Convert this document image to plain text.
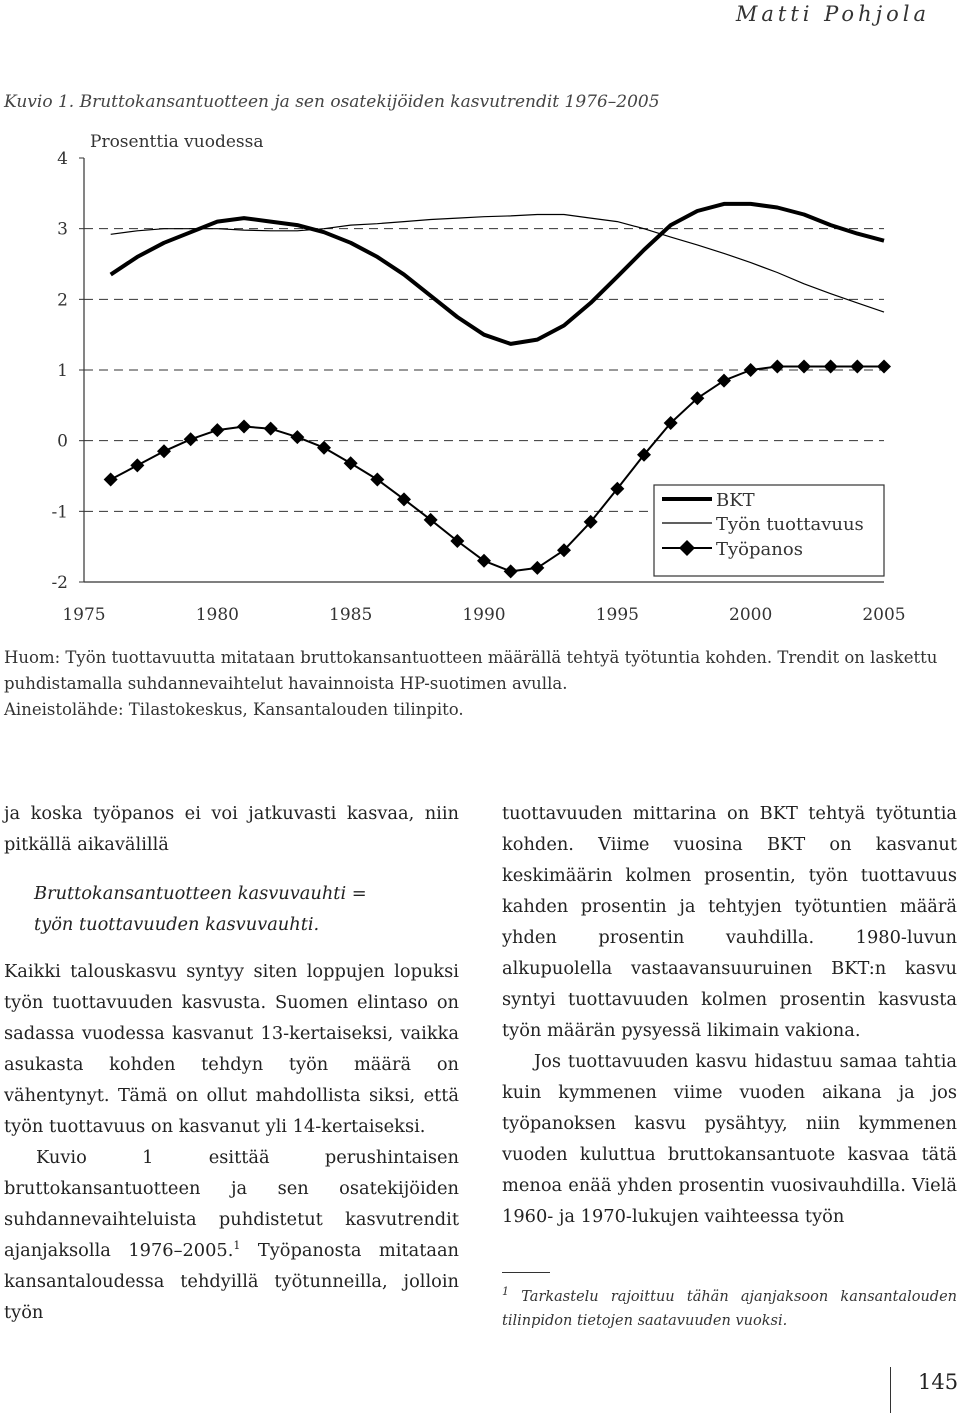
Matti Pohjola
Kuvio 1. Bruttokansantuotteen ja sen osatekijöiden kasvutrendit 1976–2005
4
3
2
1
0
-1
-2
1975	1980	1985	1990	1995	2000	2005
Prosenttia vuodessa
BKT
Työn tuottavuus
Työpanos

Huom: Työn tuottavuutta mitataan bruttokansantuotteen määrällä tehtyä työtuntia kohden. Trendit on laskettu puhdistamalla suhdannevaihtelut havainnoista HP-suotimen avulla.

Aineistolähde: Tilastokeskus, Kansantalouden tilinpito.

ja koska työpanos ei voi jatkuvasti kasvaa, niin pitkällä aikavälillä

Bruttokansantuotteen kasvuvauhti =
työn tuottavuuden kasvuvauhti.

Kaikki talouskasvu syntyy siten loppujen lopuksi työn tuottavuuden kasvusta. Suomen elintaso on sadassa vuodessa kasvanut 13-kertaiseksi, vaikka asukasta kohden tehdyn työn määrä on vähentynyt. Tämä on ollut mahdollista siksi, että työn tuottavuus on kasvanut yli 14-kertaiseksi.

Kuvio 1 esittää perushintaisen bruttokansantuotteen ja sen osatekijöiden suhdannevaihteluista puhdistetut kasvutrendit ajanjaksolla 1976–2005.$^1$ Työpanosta mitataan kansantaloudessa tehdyillä työtunneilla, jolloin työn

tuottavuuden mittarina on BKT tehtyä työtuntia kohden. Viime vuosina BKT on kasvanut keskimäärin kolmen prosentin, työn tuottavuus kahden prosentin ja tehtyjen työtuntien määrä yhden prosentin vauhdilla. 1980-luvun alkupuolella vastaavansuuruinen BKT:n kasvu syntyi tuottavuuden kolmen prosentin kasvusta työn määrän pysyessä likimain vakiona.

Jos tuottavuuden kasvu hidastuu samaa tahtia kuin kymmenen viime vuoden aikana ja jos työpanoksen kasvu pysähtyy, niin kymmenen vuoden kuluttua bruttokansantuote kasvaa tätä menoa enää yhden prosentin vuosivauhdilla. Vielä 1960- ja 1970-lukujen vaihteessa työn

$^1$ Tarkastelu rajoittuu tähän ajanjaksoon kansantalouden tilinpidon tietojen saatavuuden vuoksi.

145
